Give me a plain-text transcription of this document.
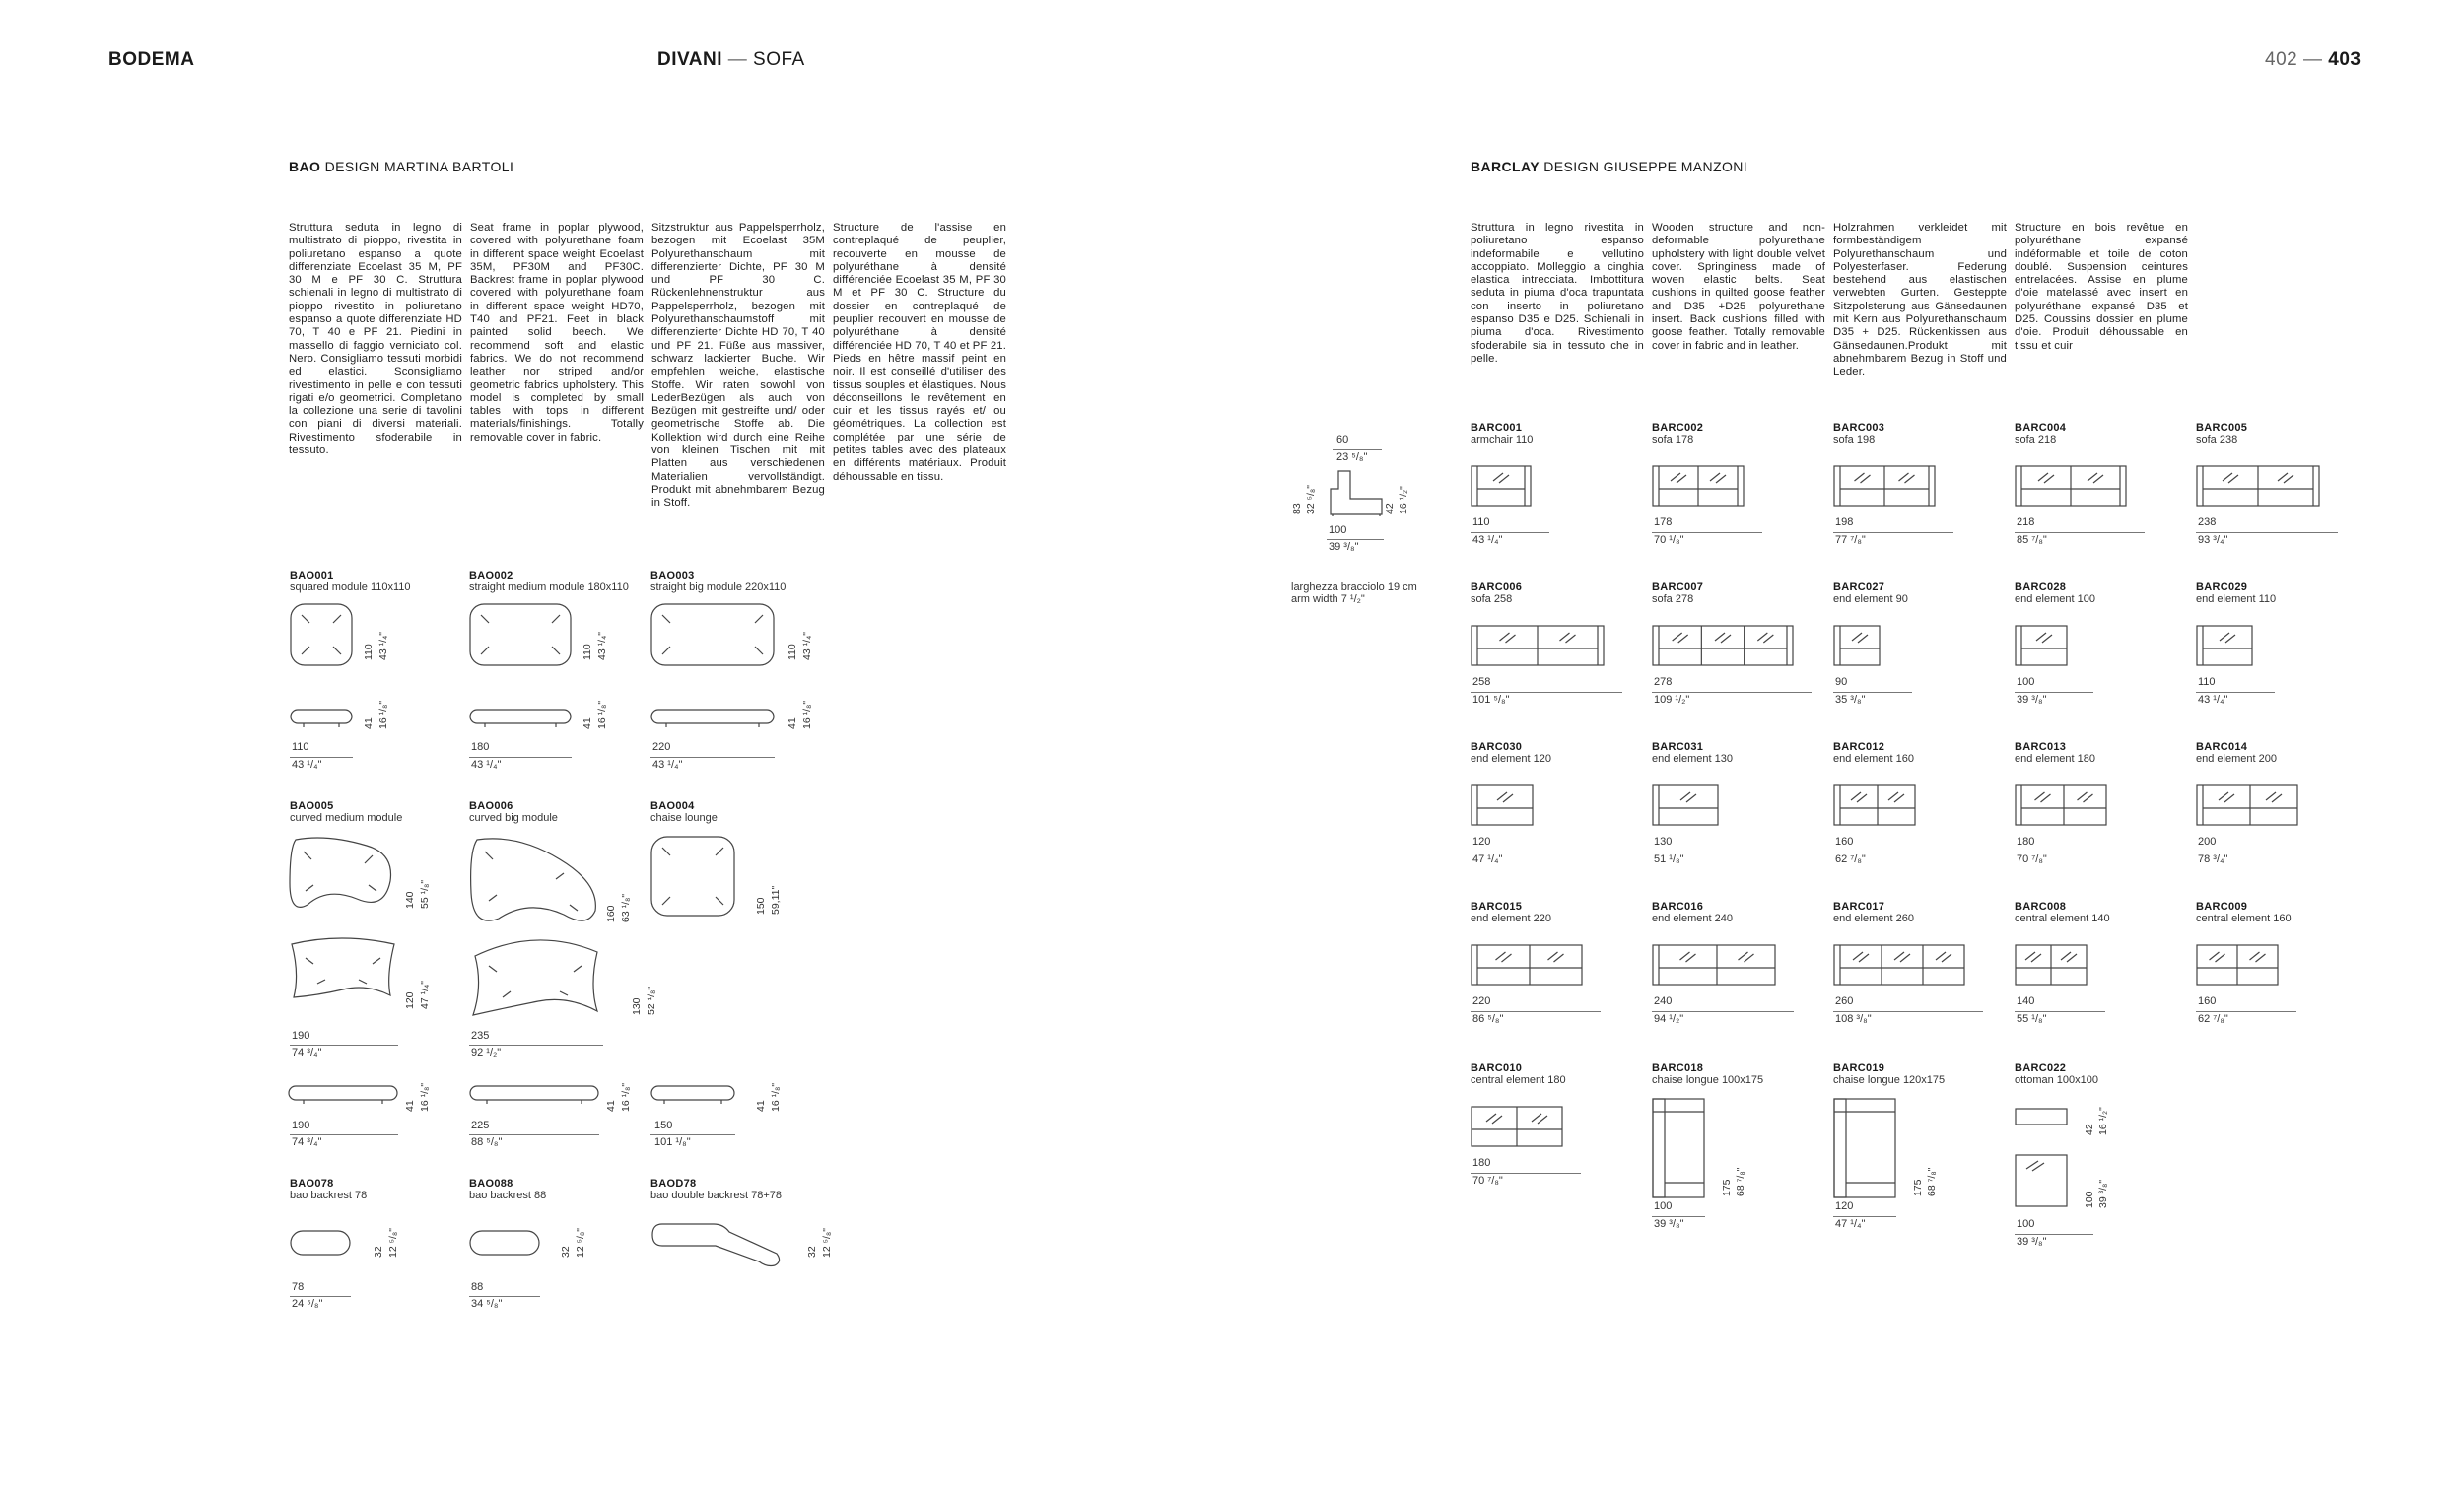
BODEMA	DIVANI — SOFA	402 — 403
BAO DESIGN MARTINA BARTOLI
Struttura seduta in legno di multistrato di pioppo, rivestita in poliuretano espanso a quote differenziate Ecoelast 35 M, PF 30 M e PF 30 C. Struttura schienali in legno di multistrato di pioppo rivestito in poliuretano espanso a quote differenziate HD 70, T 40 e PF 21. Piedini in massello di faggio verniciato col. Nero. Consigliamo tessuti morbidi ed elastici. Sconsigliamo rivestimento in pelle e con tessuti rigati e/o geometrici. Completano la collezione una serie di tavolini con piani di diversi materiali. Rivestimento sfoderabile in tessuto.
Seat frame in poplar plywood, covered with polyurethane foam in different space weight Ecoelast 35M, PF30M and PF30C. Backrest frame in poplar plywood covered with polyurethane foam in different space weight HD70, T40 and PF21. Feet in black painted solid beech. We recommend soft and elastic fabrics. We do not recommend leather nor striped and/or geometric fabrics upholstery. This model is completed by small tables with tops in different materials/finishings. Totally removable cover in fabric.
Sitzstruktur aus Pappelsperrholz, bezogen mit Ecoelast 35M Polyurethanschaum mit differenzierter Dichte, PF 30 M und PF 30 C. Rückenlehnenstruktur aus Pappelsperrholz, bezogen mit Polyurethanschaumstoff mit differenzierter Dichte HD 70, T 40 und PF 21. Füße aus massiver, schwarz lackierter Buche. Wir empfehlen weiche, elastische Stoffe. Wir raten sowohl von LederBezügen als auch von Bezügen mit gestreifte und/ oder geometrische Stoffe ab. Die Kollektion wird durch eine Reihe von kleinen Tischen mit mit Platten aus verschiedenen Materialien vervollständigt. Produkt mit abnehmbarem Bezug in Stoff.
Structure de l'assise en contreplaqué de peuplier, recouverte en mousse de polyuréthane à densité différenciée Ecoelast 35 M, PF 30 M et PF 30 C. Structure du dossier en contreplaqué de peuplier recouvert en mousse de polyuréthane à densité différenciée HD 70, T 40 et PF 21. Pieds en hêtre massif peint en noir. Il est conseillé d'utiliser des tissus souples et élastiques. Nous déconseillons le revêtement en cuir et les tissus rayés et/ ou géométriques. La collection est complétée par une série de petites tables avec des plateaux en différents matériaux. Produit déhoussable en tissu.
BAO001
squared module 110x110
110 43 ¹/₄"
41 16 ¹/₈"
110
43 ¹/₄"
BAO002
straight medium module 180x110
110 43 ¹/₄"
41 16 ¹/₈"
180
43 ¹/₄"
BAO003
straight big module 220x110
110 43 ¹/₄"
41 16 ¹/₈"
220
43 ¹/₄"
BAO005
curved medium module
140 55 ¹/₈"
120 47 ¹/₄"
190
74 ³/₄"
41 16 ¹/₈"
190
74 ³/₄"
BAO006
curved big module
160 63 ¹/₈"
130 52 ¹/₈"
235
92 ¹/₂"
41 16 ¹/₈"
225
88 ⁵/₈"
BAO004
chaise lounge
150 59,11"
41 16 ¹/₈"
150
101 ¹/₈"
BAO078
bao backrest 78
32 12 ⁵/₈"
78
24 ⁵/₈"
BAO088
bao backrest 88
32 12 ⁵/₈"
88
34 ⁵/₈"
BAOD78
bao double backrest 78+78
32 12 ⁵/₈"
BARCLAY DESIGN GIUSEPPE MANZONI
Struttura in legno rivestita in poliuretano espanso indeformabile e vellutino accoppiato. Molleggio a cinghia elastica intrecciata. Imbottitura seduta in piuma d'oca trapuntata con inserto in poliuretano espanso D35 e D25. Schienali in piuma d'oca. Rivestimento sfoderabile sia in tessuto che in pelle.
Wooden structure and non-deformable polyurethane upholstery with light double velvet cover. Springiness made of woven elastic belts. Seat cushions in quilted goose feather and D35 +D25 polyurethane insert. Back cushions filled with goose feather. Totally removable cover in fabric and in leather.
Holzrahmen verkleidet mit formbeständigem Polyurethanschaum und Polyesterfaser. Federung bestehend aus elastischen verwebten Gurten. Gesteppte Sitzpolsterung aus Gänsedaunen mit Kern aus Polyurethanschaum D35 + D25. Rückenkissen aus Gänsedaunen.Produkt mit abnehmbarem Bezug in Stoff und Leder.
Structure en bois revêtue en polyuréthane expansé indéformable et toile de coton doublé. Suspension ceintures entrelacées. Assise en plume d'oie matelassé avec insert en polyuréthane expansé D35 et D25. Coussins dossier en plume d'oie. Produit déhoussable en tissu et cuir
60
23 ⁵/₈"
83 32 ⁵/₈"	42 16 ¹/₂"
100
39 ³/₈"
larghezza bracciolo 19 cm
arm width 7 ¹/₂"
BARC001
armchair 110
110
43 ¹/₄"
BARC002
sofa 178
178
70 ¹/₈"
BARC003
sofa 198
198
77 ⁷/₈"
BARC004
sofa 218
218
85 ⁷/₈"
BARC005
sofa 238
238
93 ³/₄"
BARC006
sofa 258
258
101 ⁵/₈"
BARC007
sofa 278
278
109 ¹/₂"
BARC027
end element 90
90
35 ³/₈"
BARC028
end element 100
100
39 ³/₈"
BARC029
end element 110
110
43 ¹/₄"
BARC030
end element 120
120
47 ¹/₄"
BARC031
end element 130
130
51 ¹/₈"
BARC012
end element 160
160
62 ⁷/₈"
BARC013
end element 180
180
70 ⁷/₈"
BARC014
end element 200
200
78 ³/₄"
BARC015
end element 220
220
86 ⁵/₈"
BARC016
end element 240
240
94 ¹/₂"
BARC017
end element 260
260
108 ³/₈"
BARC008
central element 140
140
55 ¹/₈"
BARC009
central element 160
160
62 ⁷/₈"
BARC010
central element 180
180
70 ⁷/₈"
BARC018
chaise longue 100x175
100
39 ³/₈"
175 68 ⁷/₈"
BARC019
chaise longue 120x175
120
47 ¹/₄"
175 68 ⁷/₈"
BARC022
ottoman 100x100
100
39 ³/₈"
100 39 ³/₈"
42 16 ¹/₂"
